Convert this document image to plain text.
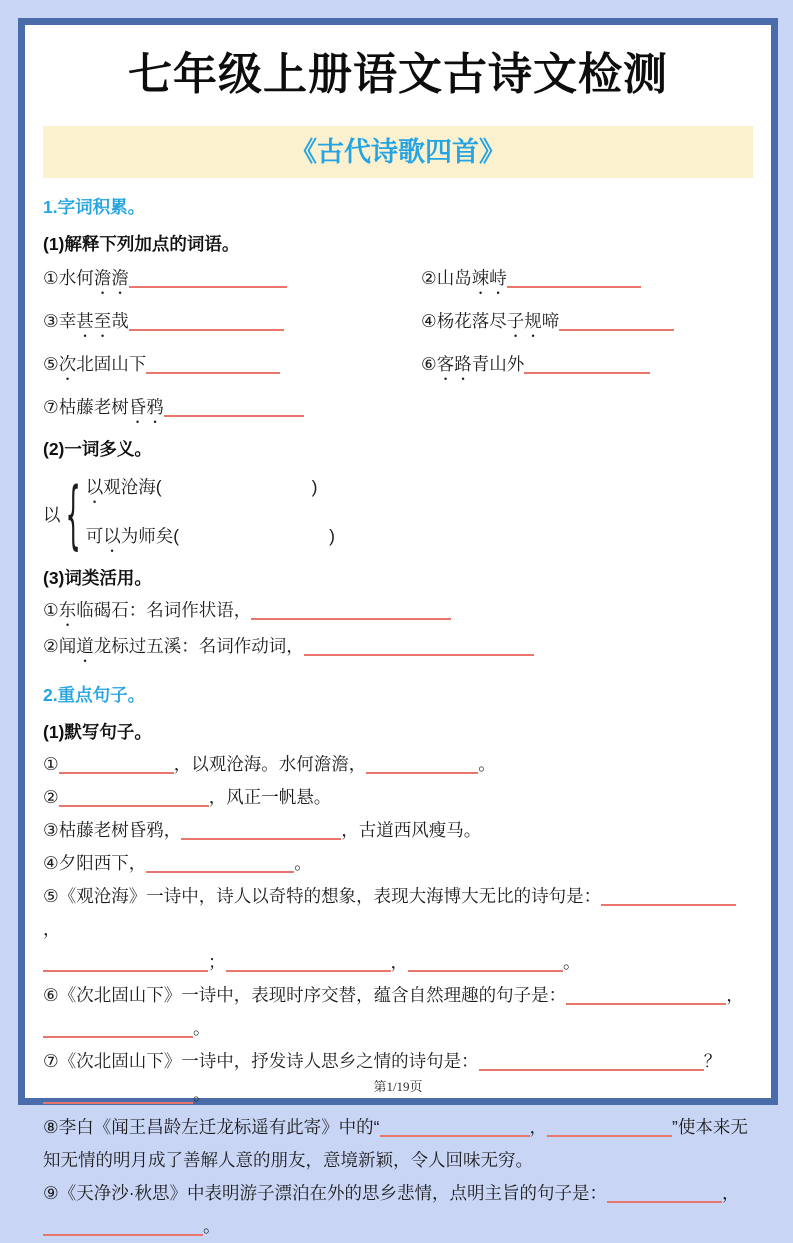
七年级上册语文古诗文检测
《古代诗歌四首》
1.字词积累。
(1)解释下列加点的词语。
①水何澹澹	②山岛竦峙
③幸甚至哉	④杨花落尽子规啼
⑤次北固山下	⑥客路青山外
⑦枯藤老树昏鸦
(2)一词多义。
以 { 以观沧海(	)
可以为师矣(	)
(3)词类活用。

①东临碣石：名词作状语，

②闻道龙标过五溪：名词作动词，

2.重点句子。
(1)默写句子。

①	，以观沧海。水何澹澹，	。

②	，风正一帆悬。

③枯藤老树昏鸦，	，古道西风瘦马。

④夕阳西下，	。

⑤《观沧海》一诗中，诗人以奇特的想象，表现大海博大无比的诗句是：，
；	，	。

⑥《次北固山下》一诗中，表现时序交替，蕴含自然理趣的句子是：	，
。

⑦《次北固山下》一诗中，抒发诗人思乡之情的诗句是：	？
。

⑧李白《闻王昌龄左迁龙标遥有此寄》中的“	，	”使本来无知无情的明月成了善解人意的朋友，意境新颖，令人回味无穷。

⑨《天净沙·秋思》中表明游子漂泊在外的思乡悲情，点明主旨的句子是：	，
。

第1/19页
